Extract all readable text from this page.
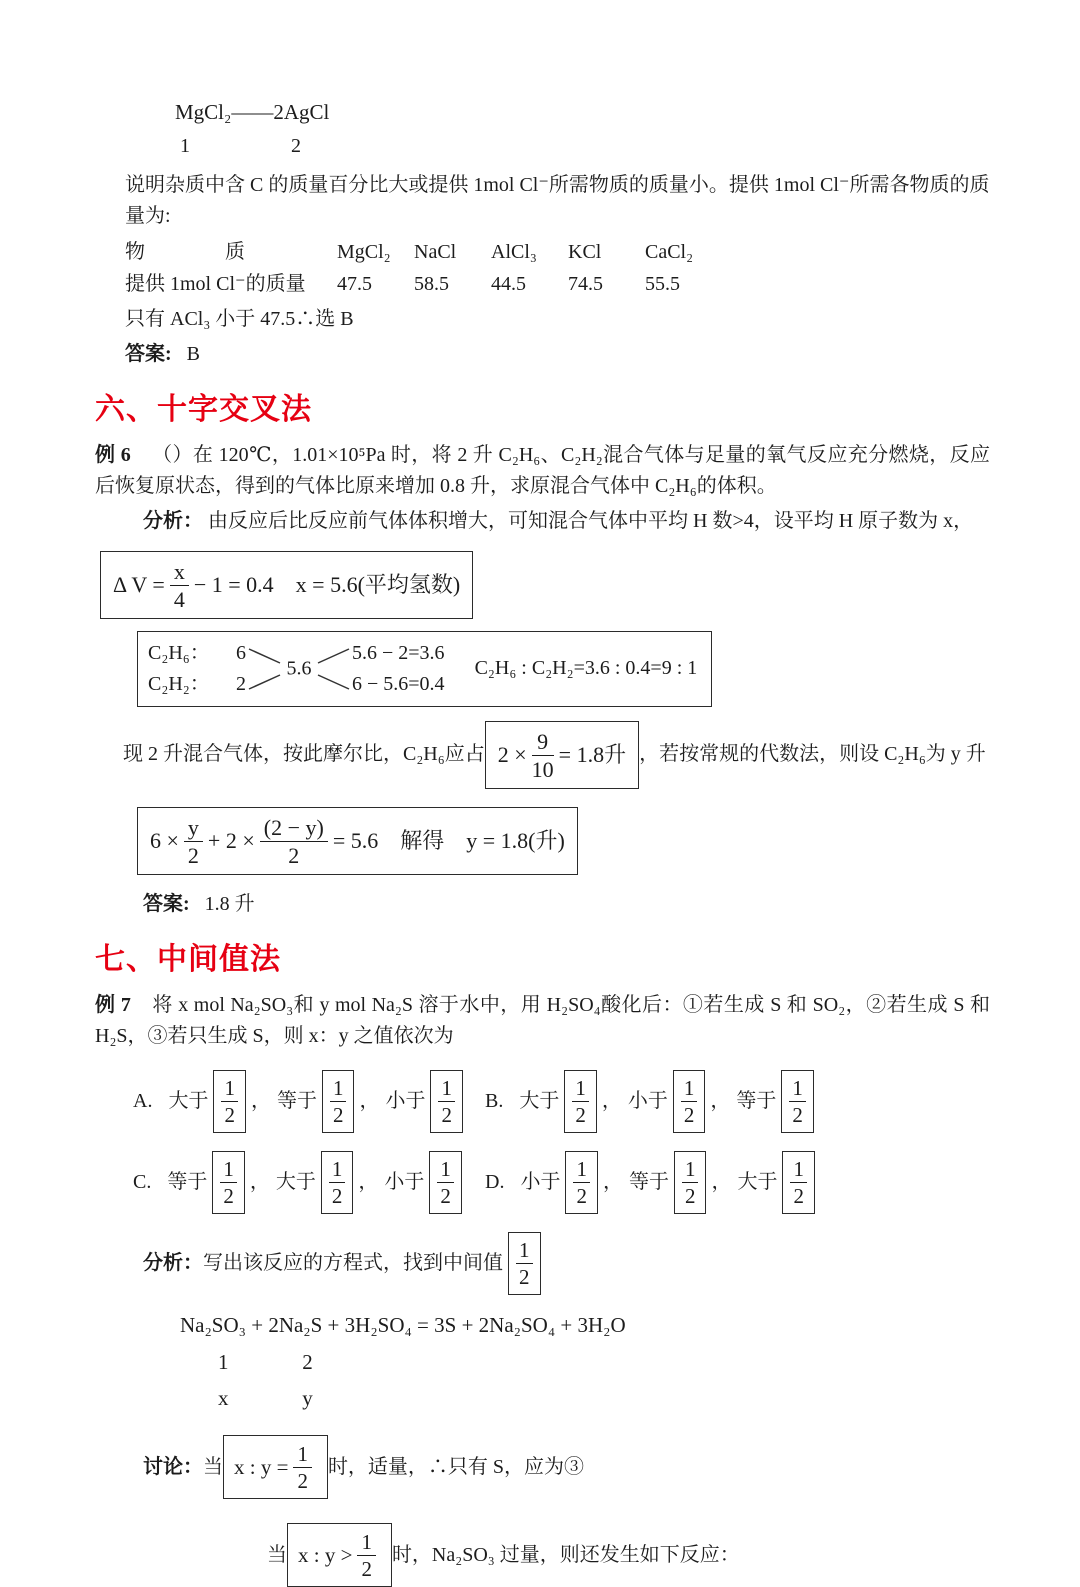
MgCl₂——2AgCl

1	2

说明杂质中含 C 的质量百分比大或提供 1mol Cl⁻所需物质的质量小。提供 1mol Cl⁻所需各物质的质量为:

物　　　　质	MgCl₂	NaCl	AlCl₃	KCl	CaCl₂
提供 1mol Cl⁻的质量	47.5	58.5	44.5	74.5	55.5

只有 ACl₃ 小于 47.5∴选 B

答案: B

六、十字交叉法

例 6 （）在 120℃，1.01×10⁵Pa 时，将 2 升 C₂H₆、C₂H₂混合气体与足量的氧气反应充分燃烧，反应后恢复原状态，得到的气体比原来增加 0.8 升，求原混合气体中 C₂H₆的体积。

分析： 由反应后比反应前气体体积增大，可知混合气体中平均 H 数>4，设平均 H 原子数为 x，

Δ $V = \frac{x}{4} - 1 = 0.4$ x = 5.6(平均氢数)
C₂H₆： 6
C₂H₂： 2
5.6
5.6 − 2=3.6
6 − 5.6=0.4
C₂H₆ : C₂H₂=3.6 : 0.4=9 : 1
现 2 升混合气体，按此摩尔比，C₂H₆应占 $2 \times \frac{9}{10} = 1.8$升 ，若按常规的代数法，则设 C₂H₆为 y 升
$6 \times \frac{y}{2} + 2 \times \frac{(2 - y)}{2} = 5.6$ 解得 y = 1.8(升)

答案: 1.8 升

七、中间值法

例 7 将 x mol Na₂SO₃和 y mol Na₂S 溶于水中，用 H₂SO₄酸化后：①若生成 S 和 SO₂，②若生成 S 和 H₂S，③若只生成 S，则 x：y 之值依次为

A. 大于 $\frac{1}{2}$ ， 等于 $\frac{1}{2}$ ， 小于 $\frac{1}{2} B$. 大于 $\frac{1}{2}$ ， 小于 $\frac{1}{2}$ ， 等于 $\frac{1}{2}$
C. 等于 $\frac{1}{2}$ ， 大于 $\frac{1}{2}$ ， 小于 $\frac{1}{2} D$. 小于 $\frac{1}{2}$ ， 等于 $\frac{1}{2}$ ， 大于 $\frac{1}{2}$
分析： 写出该反应的方程式，找到中间值 $\frac{1}{2}$

Na₂SO₃ + 2Na₂S + 3H₂SO₄ = 3S + 2Na₂SO₄ + 3H₂O

1	2

x	y

讨论： 当 x : $y = \frac{1}{2}$ 时，适量，∴只有 S，应为③
当 x : $y > \frac{1}{2}$ 时，Na₂SO₃ 过量，则还发生如下反应：
